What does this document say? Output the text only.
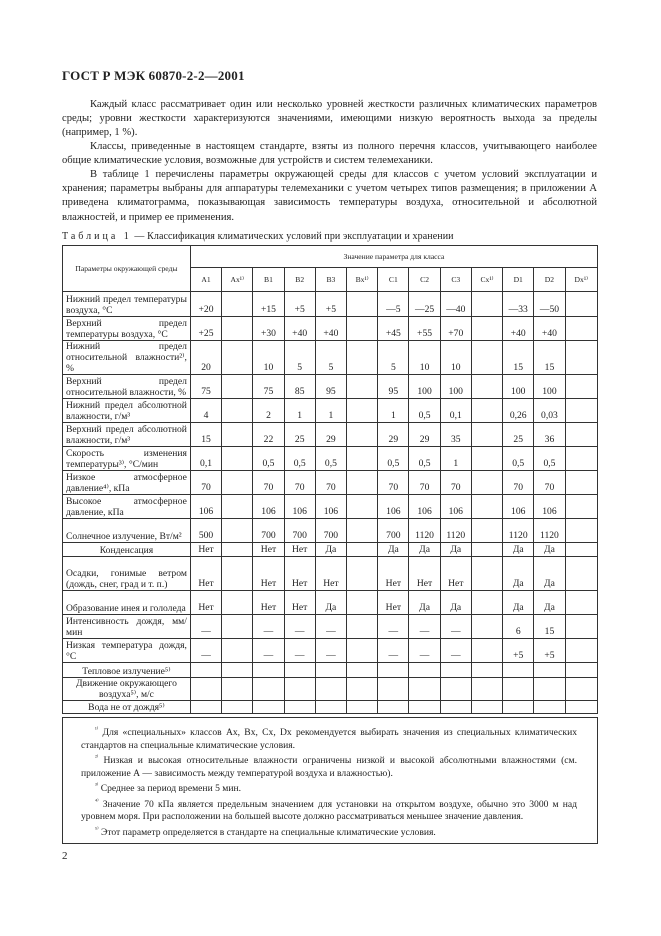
ГОСТ Р МЭК 60870-2-2—2001

Каждый класс рассматривает один или несколько уровней жесткости различных климатических параметров среды; уровни жесткости характеризуются значениями, имеющими низкую вероятность выхода за пределы (например, 1 %).

Классы, приведенные в настоящем стандарте, взяты из полного перечня классов, учитывающего наиболее общие климатические условия, возможные для устройств и систем телемеханики.

В таблице 1 перечислены параметры окружающей среды для классов с учетом условий эксплуатации и хранения; параметры выбраны для аппаратуры телемеханики с учетом четырех типов размещения; в приложении А приведена климатограмма, показывающая зависимость температуры воздуха, относительной и абсолютной влажностей, и пример ее применения.

Таблица 1 — Классификация климатических условий при эксплуатации и хранении
Параметры окружающей среды	Значение параметра для класса												
	A1	Ax¹⁾	B1	B2	B3	Bx¹⁾	C1	C2	C3	Cx¹⁾	D1	D2	Dx¹⁾
Нижний предел температуры воздуха, °С	+20		+15	+5	+5		—5	—25	—40		—33	—50	
Верхний предел температуры воздуха, °С	+25		+30	+40	+40		+45	+55	+70		+40	+40	
Нижний предел относительной влажности²⁾, %	20		10	5	5		5	10	10		15	15	
Верхний предел относительной влажности, %	75		75	85	95		95	100	100		100	100	
Нижний предел абсолютной влажности, г/м³	4		2	1	1		1	0,5	0,1		0,26	0,03	
Верхний предел абсолютной влажности, г/м³	15		22	25	29		29	29	35		25	36	
Скорость изменения температуры³⁾, °С/мин	0,1		0,5	0,5	0,5		0,5	0,5	1		0,5	0,5	
Низкое атмосферное давление⁴⁾, кПа	70		70	70	70		70	70	70		70	70	
Высокое атмосферное давление, кПа	106		106	106	106		106	106	106		106	106	
Солнечное излучение, Вт/м²	500		700	700	700		700	1120	1120		1120	1120	
Конденсация	Нет		Нет	Нет	Да		Да	Да	Да		Да	Да	
Осадки, гонимые ветром (дождь, снег, град и т. п.)	Нет		Нет	Нет	Нет		Нет	Нет	Нет		Да	Да	
Образование инея и гололеда	Нет		Нет	Нет	Да		Нет	Да	Да		Да	Да	
Интенсивность дождя, мм/мин	—		—	—	—		—	—	—		6	15	
Низкая температура дождя, °С	—		—	—	—		—	—	—		+5	+5	
Тепловое излучение⁵⁾													
Движение окружающего воздуха⁵⁾, м/с													
Вода не от дождя⁵⁾													

$^{^{1)}}$ Для «специальных» классов Ax, Bx, Cx, Dx рекомендуется выбирать значения из специальных климатических стандартов на специальные климатические условия.

$^{^{2)}}$ Низкая и высокая относительные влажности ограничены низкой и высокой абсолютными влажностями (см. приложение А — зависимость между температурой воздуха и влажностью).

$^{^{3)}}$ Среднее за период времени 5 мин.

$^{^{4)}}$ Значение 70 кПа является предельным значением для установки на открытом воздухе, обычно это 3000 м над уровнем моря. При расположении на большей высоте должно рассматриваться меньшее значение давления.

$^{^{5)}}$ Этот параметр определяется в стандарте на специальные климатические условия.

2
